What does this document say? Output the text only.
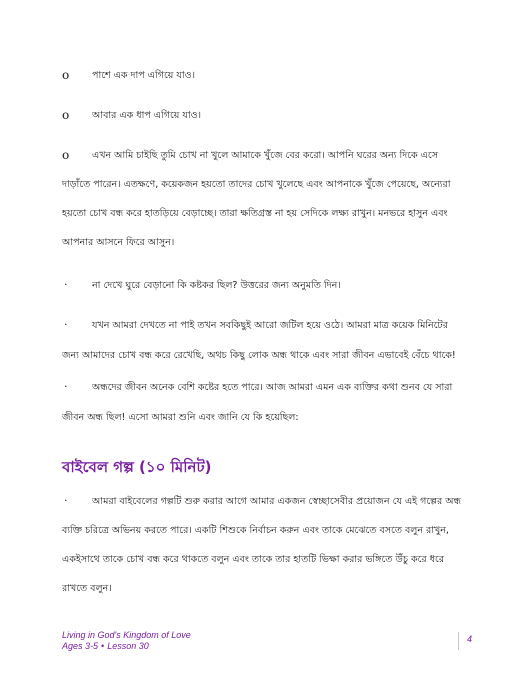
o পাশে এক দাপ এগিয়ে যাও।
o আবার এক ধাপ এগিয়ে যাও।
o এখন আমি চাইছি তুমি চোখ না খুলে আমাকে খুঁজে বের করো। আপনি ঘরের অন্য দিকে এসে
দাড়াঁতে পারেন। এতক্ষণে, কয়েকজন হয়তো তাদের চোখ খুলেছে এবং আপনাকে খুঁজে পেয়েছে, অন্যেরা
হয়তো চোখ বন্ধ করে হাতড়িয়ে বেড়াচ্ছে। তারা ক্ষতিগ্রস্ত না হয় সেদিকে লক্ষ্য রাখুন। মনভরে হাসুন এবং
আপনার আসনে ফিরে আসুন।
·	না দেখে ঘুরে বেড়ানো কি কষ্টকর ছিল? উত্তরের জন্য অনুমতি দিন।
·	যখন আমরা দেখতে না পাই তখন সবকিছুই আরো জটিল হয়ে ওঠে। আমরা মাত্র কয়েক মিনিটের
জন্য আমাদের চোখ বন্ধ করে রেখেছি, অথচ কিছু লোক অন্ধ থাকে এবং সারা জীবন এভাবেই বেঁচে থাকে!
·	অন্ধদের জীবন অনেক বেশি কষ্টের হতে পারে। আজ আমরা এমন এক ব্যক্তির কথা শুনব যে সারা
জীবন অন্ধ ছিল! এসো আমরা শুনি এবং জানি যে কি হয়েছিল:
বাইবেল গল্প (১০ মিনিট)
·	আমরা বাইবেলের গল্পটি শুরু করার আগে আমার একজন স্বেচ্ছাসেবীর প্রয়োজন যে এই গল্পের অন্ধ
ব্যক্তি চরিত্রে অভিনয় করতে পারে। একটি শিশুকে নির্বাচন করুন এবং তাকে মেঝেতে বসতে বলুন রাখুন,
একইসাথে তাকে চোখ বন্ধ করে থাকতে বলুন এবং তাকে তার হাতটি ভিক্ষা করার ভঙ্গিতে উঁচু করে ধরে
রাখতে বলুন।
Living in God's Kingdom of Love
Ages 3-5 • Lesson 30
4
